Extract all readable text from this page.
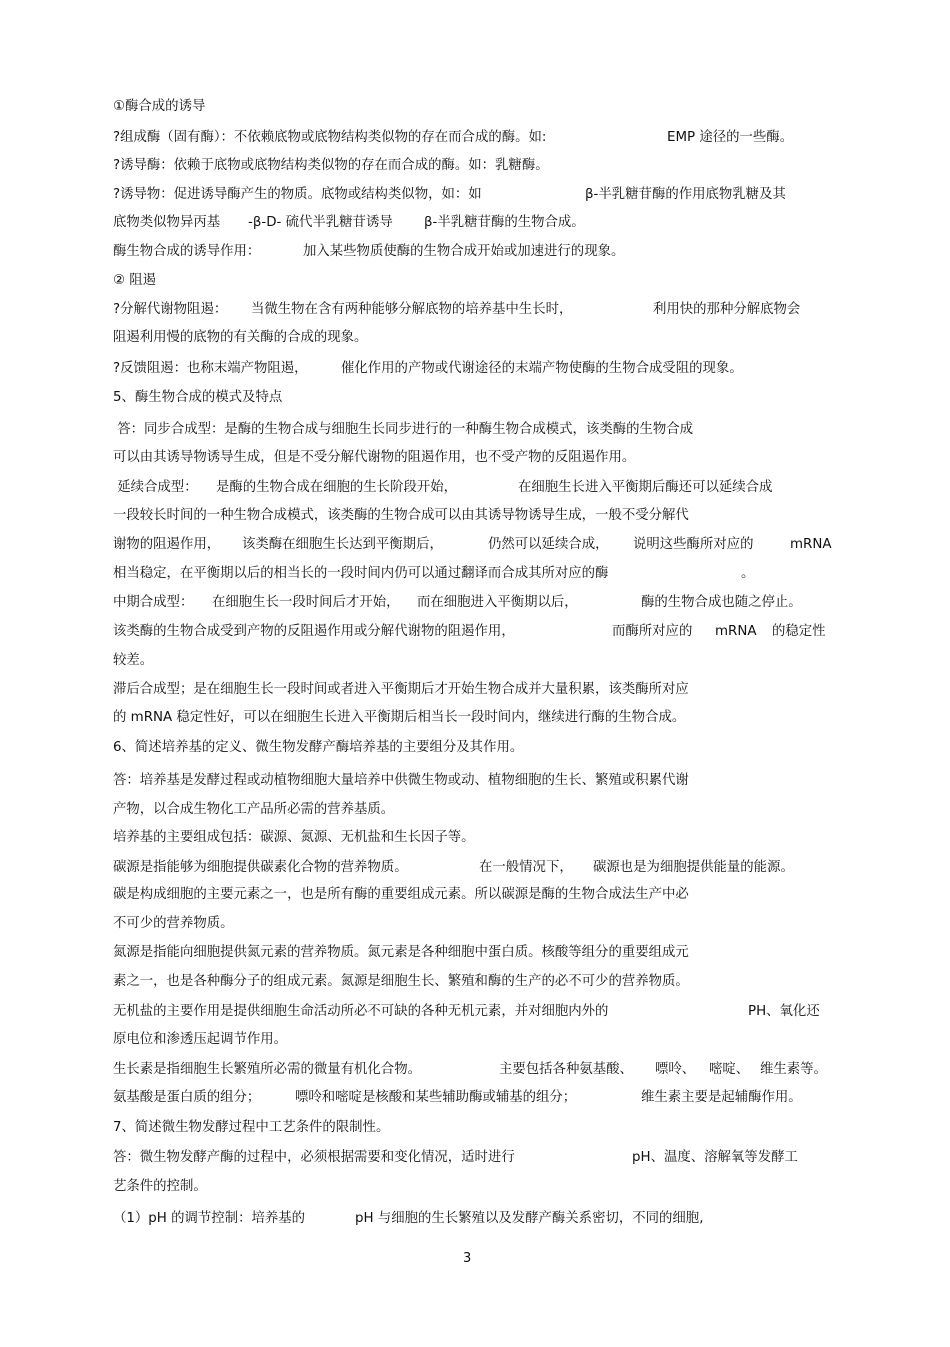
①酶合成的诱导
?组成酶（固有酶）：不依赖底物或底物结构类似物的存在而合成的酶。如:	EMP 途径的一些酶。
?诱导酶：依赖于底物或底物结构类似物的存在而合成的酶。如：乳糖酶。
?诱导物：促进诱导酶产生的物质。底物或结构类似物，如：如	β-半乳糖苷酶的作用底物乳糖及其
底物类似物异丙基 -β-D- 硫代半乳糖苷诱导 β-半乳糖苷酶的生物合成。
酶生物合成的诱导作用：	加入某些物质使酶的生物合成开始或加速进行的现象。
② 阻遏
?分解代谢物阻遏： 当微生物在含有两种能够分解底物的培养基中生长时，	利用快的那种分解底物会
阻遏利用慢的底物的有关酶的合成的现象。
?反馈阻遏：也称末端产物阻遏， 催化作用的产物或代谢途径的末端产物使酶的生物合成受阻的现象。
5、酶生物合成的模式及特点
答：同步合成型：是酶的生物合成与细胞生长同步进行的一种酶生物合成模式，该类酶的生物合成
可以由其诱导物诱导生成，但是不受分解代谢物的阻遏作用，也不受产物的反阻遏作用。
延续合成型： 是酶的生物合成在细胞的生长阶段开始，	在细胞生长进入平衡期后酶还可以延续合成
一段较长时间的一种生物合成模式，该类酶的生物合成可以由其诱导物诱导生成，一般不受分解代
谢物的阻遏作用， 该类酶在细胞生长达到平衡期后，	仍然可以延续合成， 说明这些酶所对应的	mRNA
相当稳定，在平衡期以后的相当长的一段时间内仍可以通过翻译而合成其所对应的酶	。
中期合成型： 在细胞生长一段时间后才开始， 而在细胞进入平衡期以后，	酶的生物合成也随之停止。
该类酶的生物合成受到产物的反阻遏作用或分解代谢物的阻遏作用，	而酶所对应的 mRNA 的稳定性
较差。
滞后合成型；是在细胞生长一段时间或者进入平衡期后才开始生物合成并大量积累，该类酶所对应
的 mRNA 稳定性好，可以在细胞生长进入平衡期后相当长一段时间内，继续进行酶的生物合成。
6、简述培养基的定义、微生物发酵产酶培养基的主要组分及其作用。
答：培养基是发酵过程或动植物细胞大量培养中供微生物或动、植物细胞的生长、繁殖或积累代谢
产物，以合成生物化工产品所必需的营养基质。
培养基的主要组成包括：碳源、氮源、无机盐和生长因子等。
碳源是指能够为细胞提供碳素化合物的营养物质。	在一般情况下， 碳源也是为细胞提供能量的能源。
碳是构成细胞的主要元素之一，也是所有酶的重要组成元素。所以碳源是酶的生物合成法生产中必
不可少的营养物质。
氮源是指能向细胞提供氮元素的营养物质。氮元素是各种细胞中蛋白质。核酸等组分的重要组成元
素之一，也是各种酶分子的组成元素。氮源是细胞生长、繁殖和酶的生产的必不可少的营养物质。
无机盐的主要作用是提供细胞生命活动所必不可缺的各种无机元素，并对细胞内外的	PH、氧化还
原电位和渗透压起调节作用。
生长素是指细胞生长繁殖所必需的微量有机化合物。	主要包括各种氨基酸、 嘌呤、 嘧啶、 维生素等。
氨基酸是蛋白质的组分；	嘌呤和嘧啶是核酸和某些辅助酶或辅基的组分；	维生素主要是起辅酶作用。
7、简述微生物发酵过程中工艺条件的限制性。
答：微生物发酵产酶的过程中，必须根据需要和变化情况，适时进行	pH、温度、溶解氧等发酵工
艺条件的控制。
（1）pH 的调节控制：培养基的	pH 与细胞的生长繁殖以及发酵产酶关系密切，不同的细胞,
3
